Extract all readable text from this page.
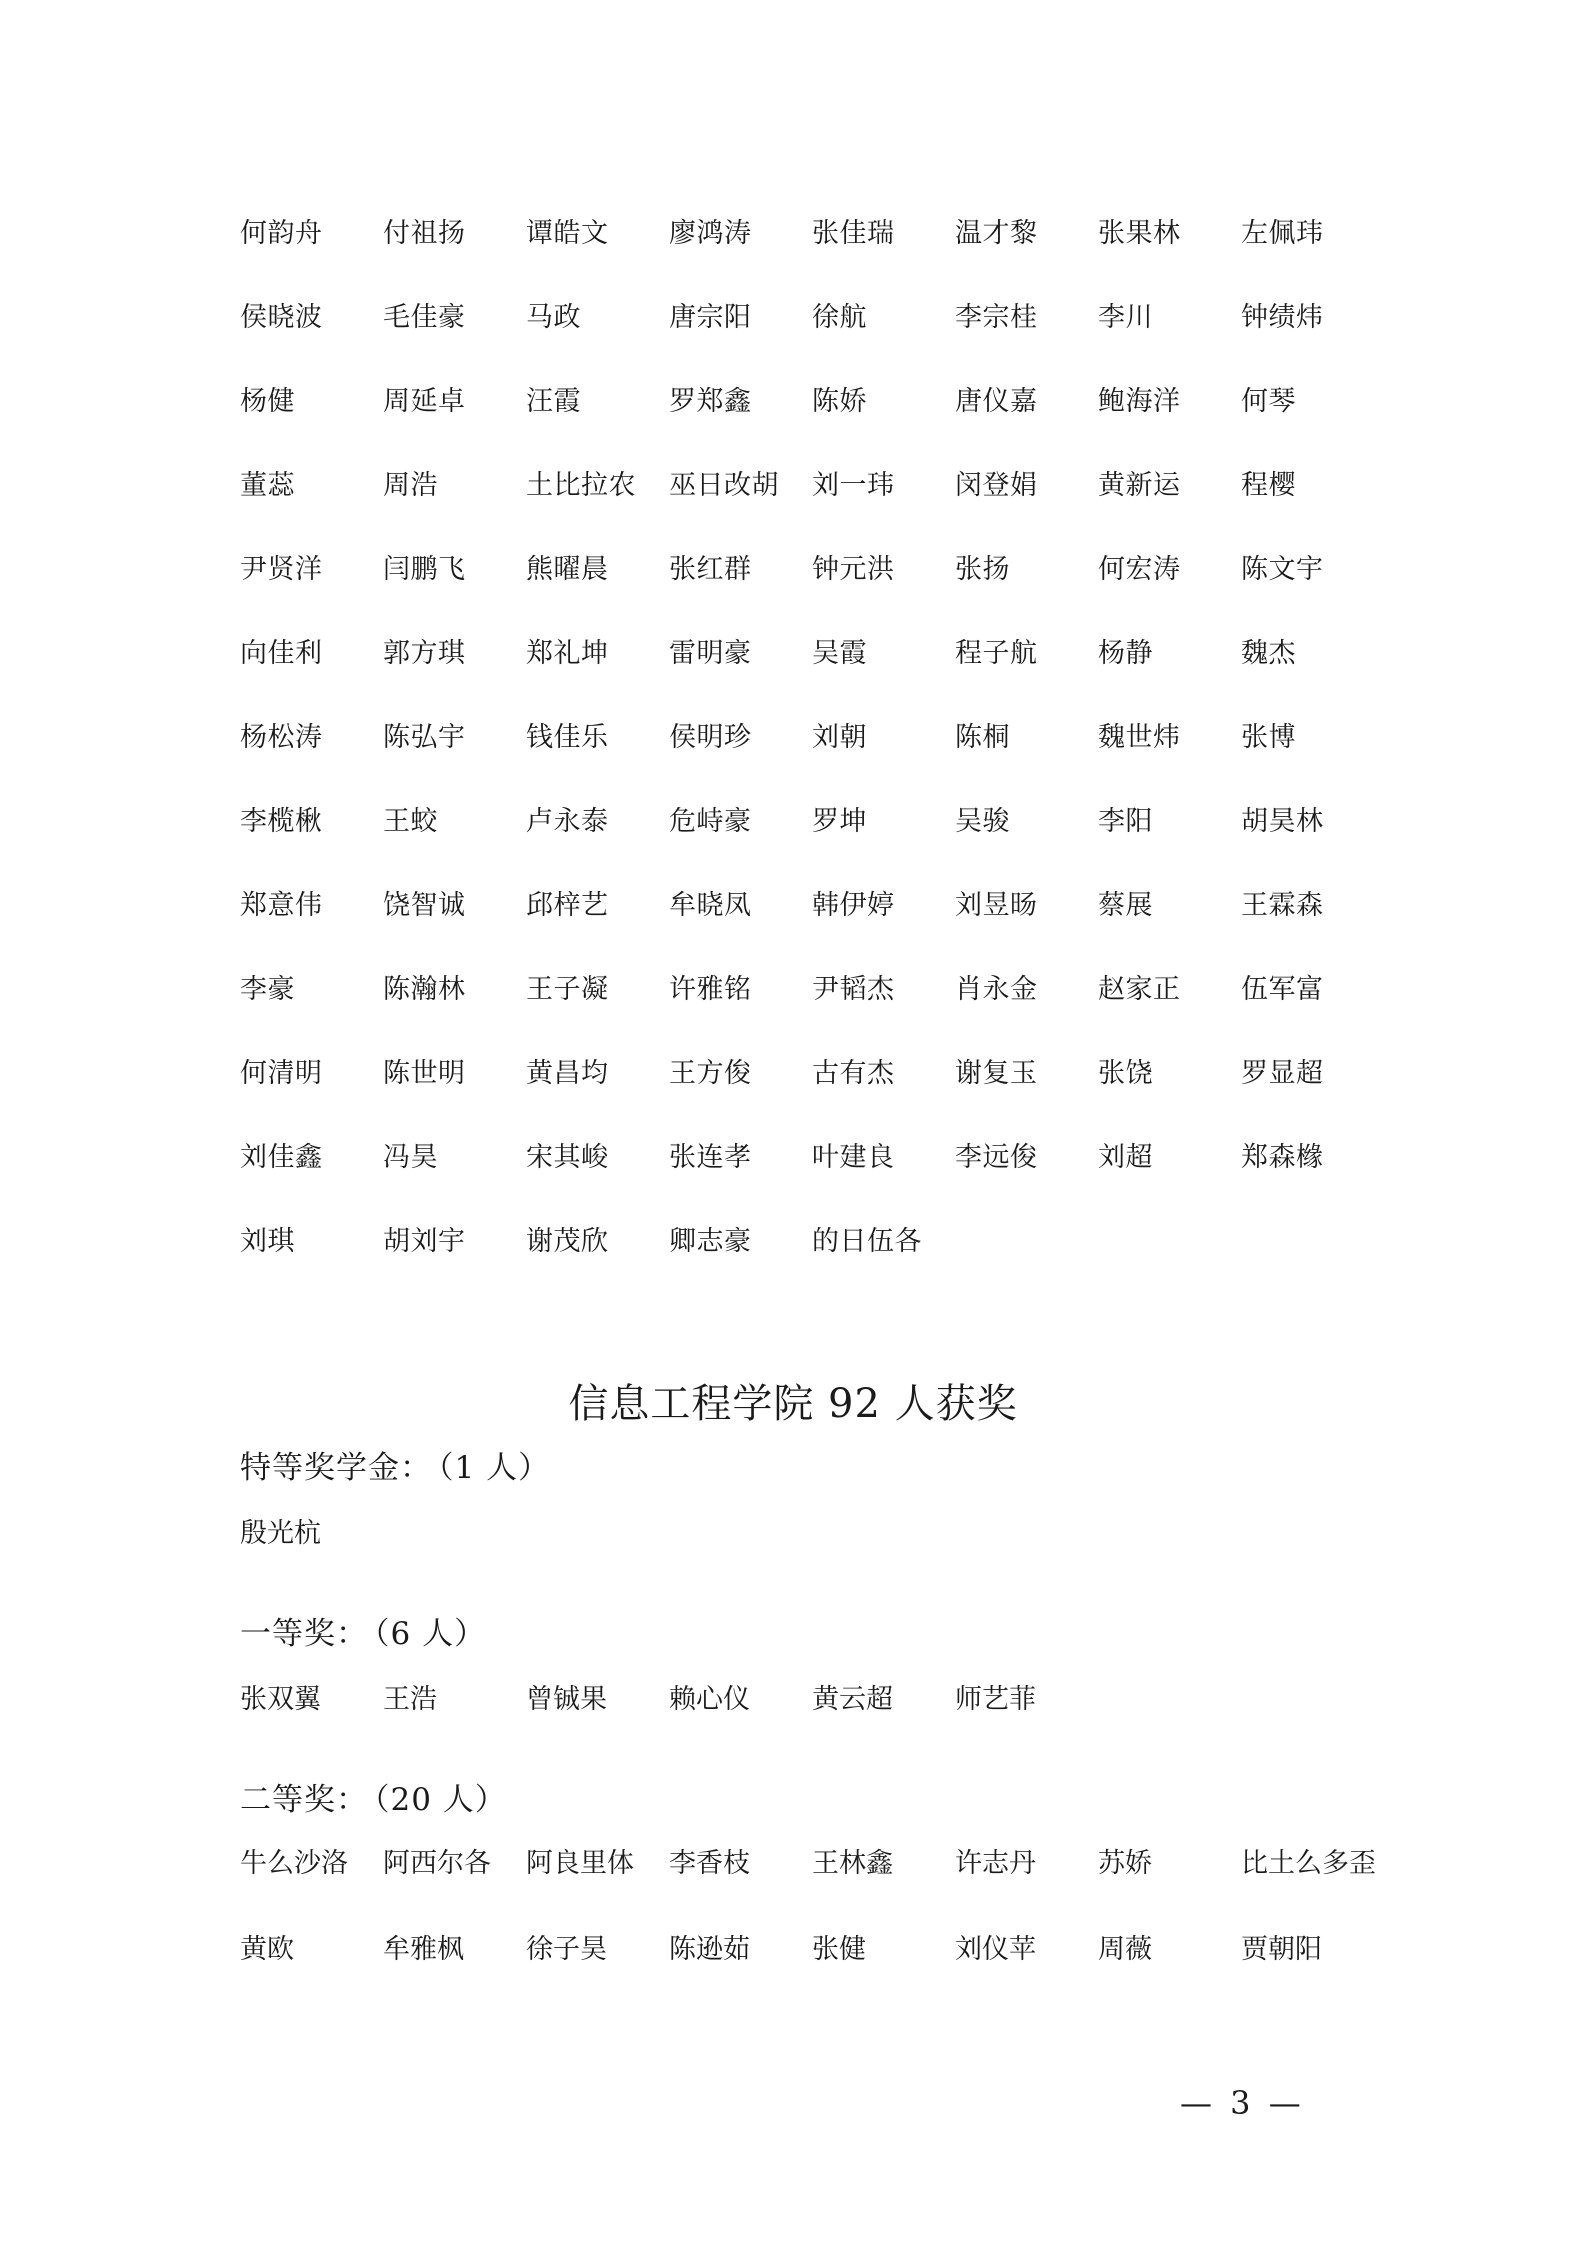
何韵舟	付祖扬	谭皓文	廖鸿涛	张佳瑞	温才黎	张果林	左佩玮
侯晓波	毛佳豪	马政	唐宗阳	徐航	李宗桂	李川	钟绩炜
杨健	周延卓	汪霞	罗郑鑫	陈娇	唐仪嘉	鲍海洋	何琴
董蕊	周浩	土比拉农	巫日改胡	刘一玮	闵登娟	黄新运	程樱
尹贤洋	闫鹏飞	熊曜晨	张红群	钟元洪	张扬	何宏涛	陈文宇
向佳利	郭方琪	郑礼坤	雷明豪	吴霞	程子航	杨静	魏杰
杨松涛	陈弘宇	钱佳乐	侯明珍	刘朝	陈桐	魏世炜	张博
李榄楸	王蛟	卢永泰	危峙豪	罗坤	吴骏	李阳	胡昊林
郑意伟	饶智诚	邱梓艺	牟晓凤	韩伊婷	刘昱旸	蔡展	王霖森
李豪	陈瀚林	王子凝	许雅铭	尹韬杰	肖永金	赵家正	伍军富
何清明	陈世明	黄昌均	王方俊	古有杰	谢复玉	张饶	罗显超
刘佳鑫	冯昊	宋其峻	张连孝	叶建良	李远俊	刘超	郑森橼
刘琪	胡刘宇	谢茂欣	卿志豪	的日伍各
信息工程学院 92 人获奖
特等奖学金： （1 人）
殷光杭
一等奖： （6 人）
张双翼	王浩	曾铖果	赖心仪	黄云超	师艺菲
二等奖： （20 人）
牛么沙洛	阿西尔各	阿良里体	李香枝	王林鑫	许志丹	苏娇	比土么多歪
黄欧	牟雅枫	徐子昊	陈逊茹	张健	刘仪苹	周薇	贾朝阳
— 3 —
